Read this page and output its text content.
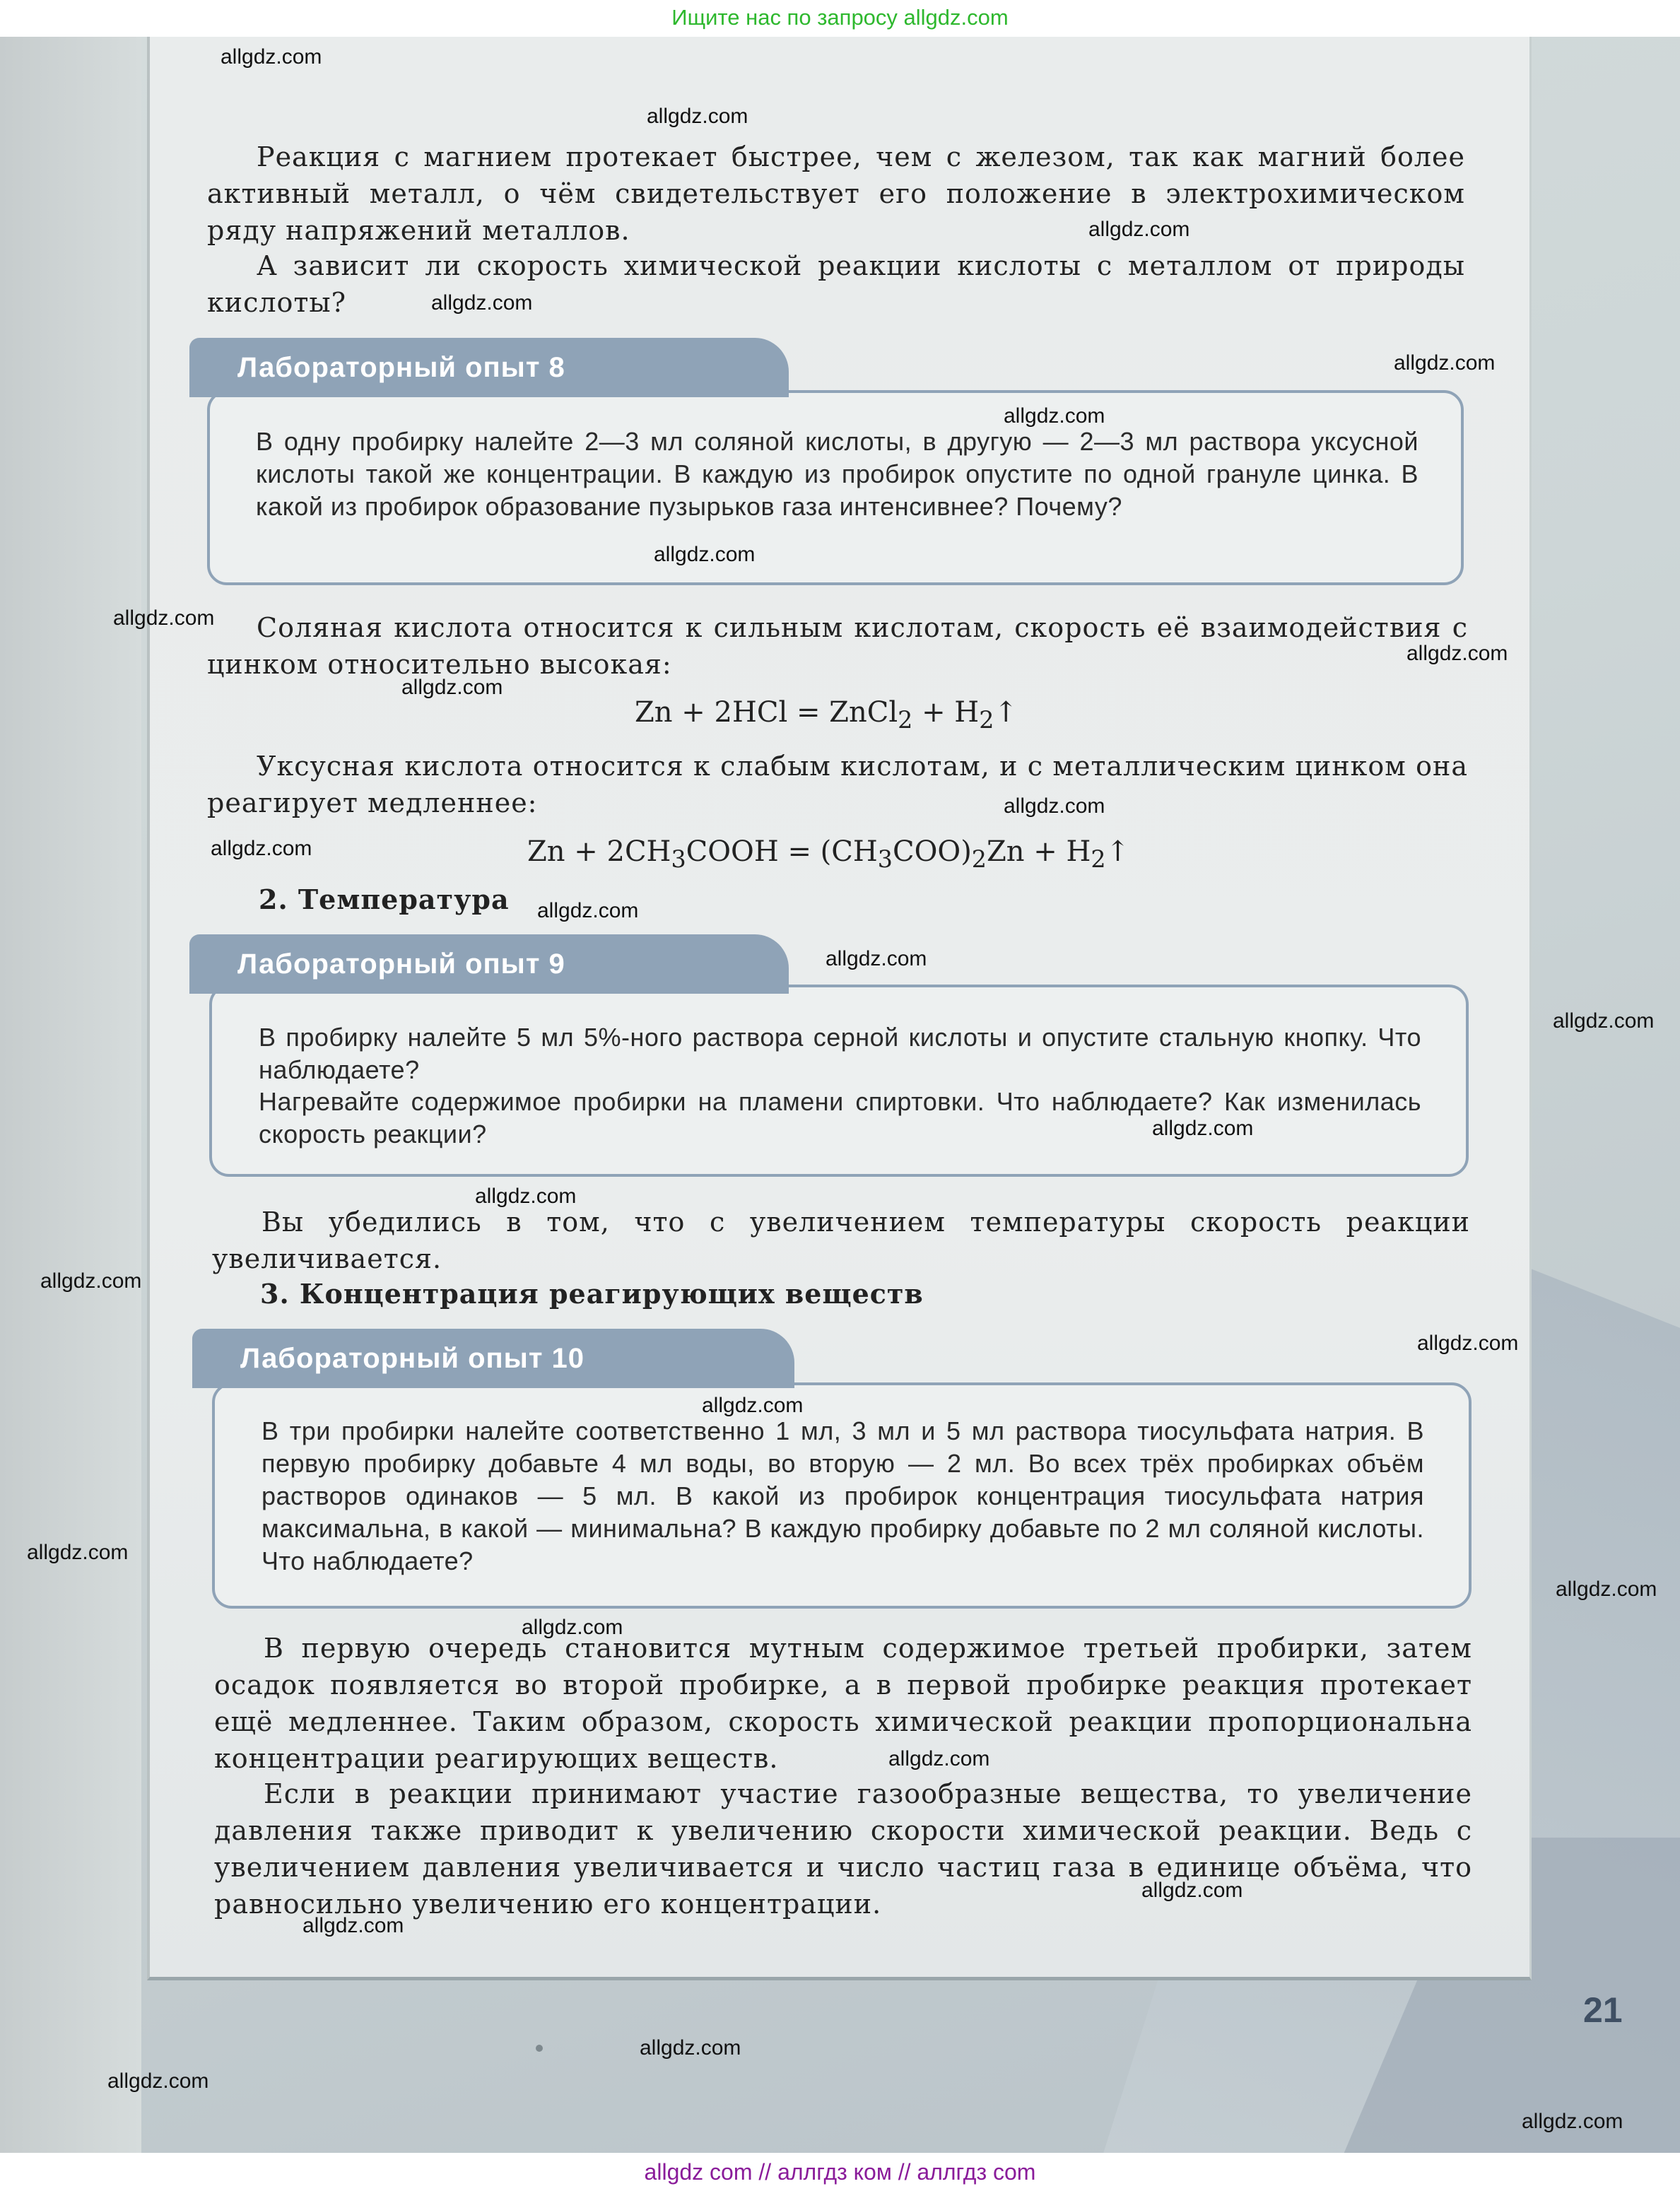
Ищите нас по запросу allgdz.com

Реакция с магнием протекает быстрее, чем с железом, так как магний более активный металл, о чём свидетельствует его положение в электрохимическом ряду напряжений металлов.

А зависит ли скорость химической реакции кислоты с металлом от природы кислоты?

Лабораторный опыт 8

В одну пробирку налейте 2—3 мл соляной кислоты, в другую — 2—3 мл раствора уксусной кислоты такой же концентрации. В каждую из пробирок опустите по одной грануле цинка. В какой из пробирок образование пузырьков газа интенсивнее? Почему?

Соляная кислота относится к сильным кислотам, скорость её взаимодействия с цинком относительно высокая:

Zn + 2HCl = ZnCl$_2$ + $H_2↑$

Уксусная кислота относится к слабым кислотам, и с металлическим цинком она реагирует медленнее:

$Zn + 2CH_3COOH = (CH_3COO)_2Zn$ + $H_2↑$
2. Температура
Лабораторный опыт 9

В пробирку налейте 5 мл 5%-ного раствора серной кислоты и опустите стальную кнопку. Что наблюдаете?

Нагревайте содержимое пробирки на пламени спиртовки. Что наблюдаете? Как изменилась скорость реакции?

Вы убедились в том, что с увеличением температуры скорость реакции увеличивается.

3. Концентрация реагирующих веществ
Лабораторный опыт 10

В три пробирки налейте соответственно 1 мл, 3 мл и 5 мл раствора тиосульфата натрия. В первую пробирку добавьте 4 мл воды, во вторую — 2 мл. Во всех трёх пробирках объём растворов одинаков — 5 мл. В какой из пробирок концентрация тиосульфата натрия максимальна, в какой — минимальна? В каждую пробирку добавьте по 2 мл соляной кислоты. Что наблюдаете?

В первую очередь становится мутным содержимое третьей пробирки, затем осадок появляется во второй пробирке, а в первой пробирке реакция протекает ещё медленнее. Таким образом, скорость химической реакции пропорциональна концентрации реагирующих веществ.

Если в реакции принимают участие газообразные вещества, то увеличение давления также приводит к увеличению скорости химической реакции. Ведь с увеличением давления увеличивается и число частиц газа в единице объёма, что равносильно увеличению его концентрации.

21
allgdz.com
allgdz.com
allgdz.com
allgdz.com
allgdz.com
allgdz.com
allgdz.com
allgdz.com
allgdz.com
allgdz.com
allgdz.com
allgdz.com
allgdz.com
allgdz.com
allgdz.com
allgdz.com
allgdz.com
allgdz.com
allgdz.com
allgdz.com
allgdz.com
allgdz.com
allgdz.com
allgdz.com
allgdz.com
allgdz.com
allgdz.com
allgdz.com
allgdz.com
allgdz com // аллгдз ком // аллгдз com
